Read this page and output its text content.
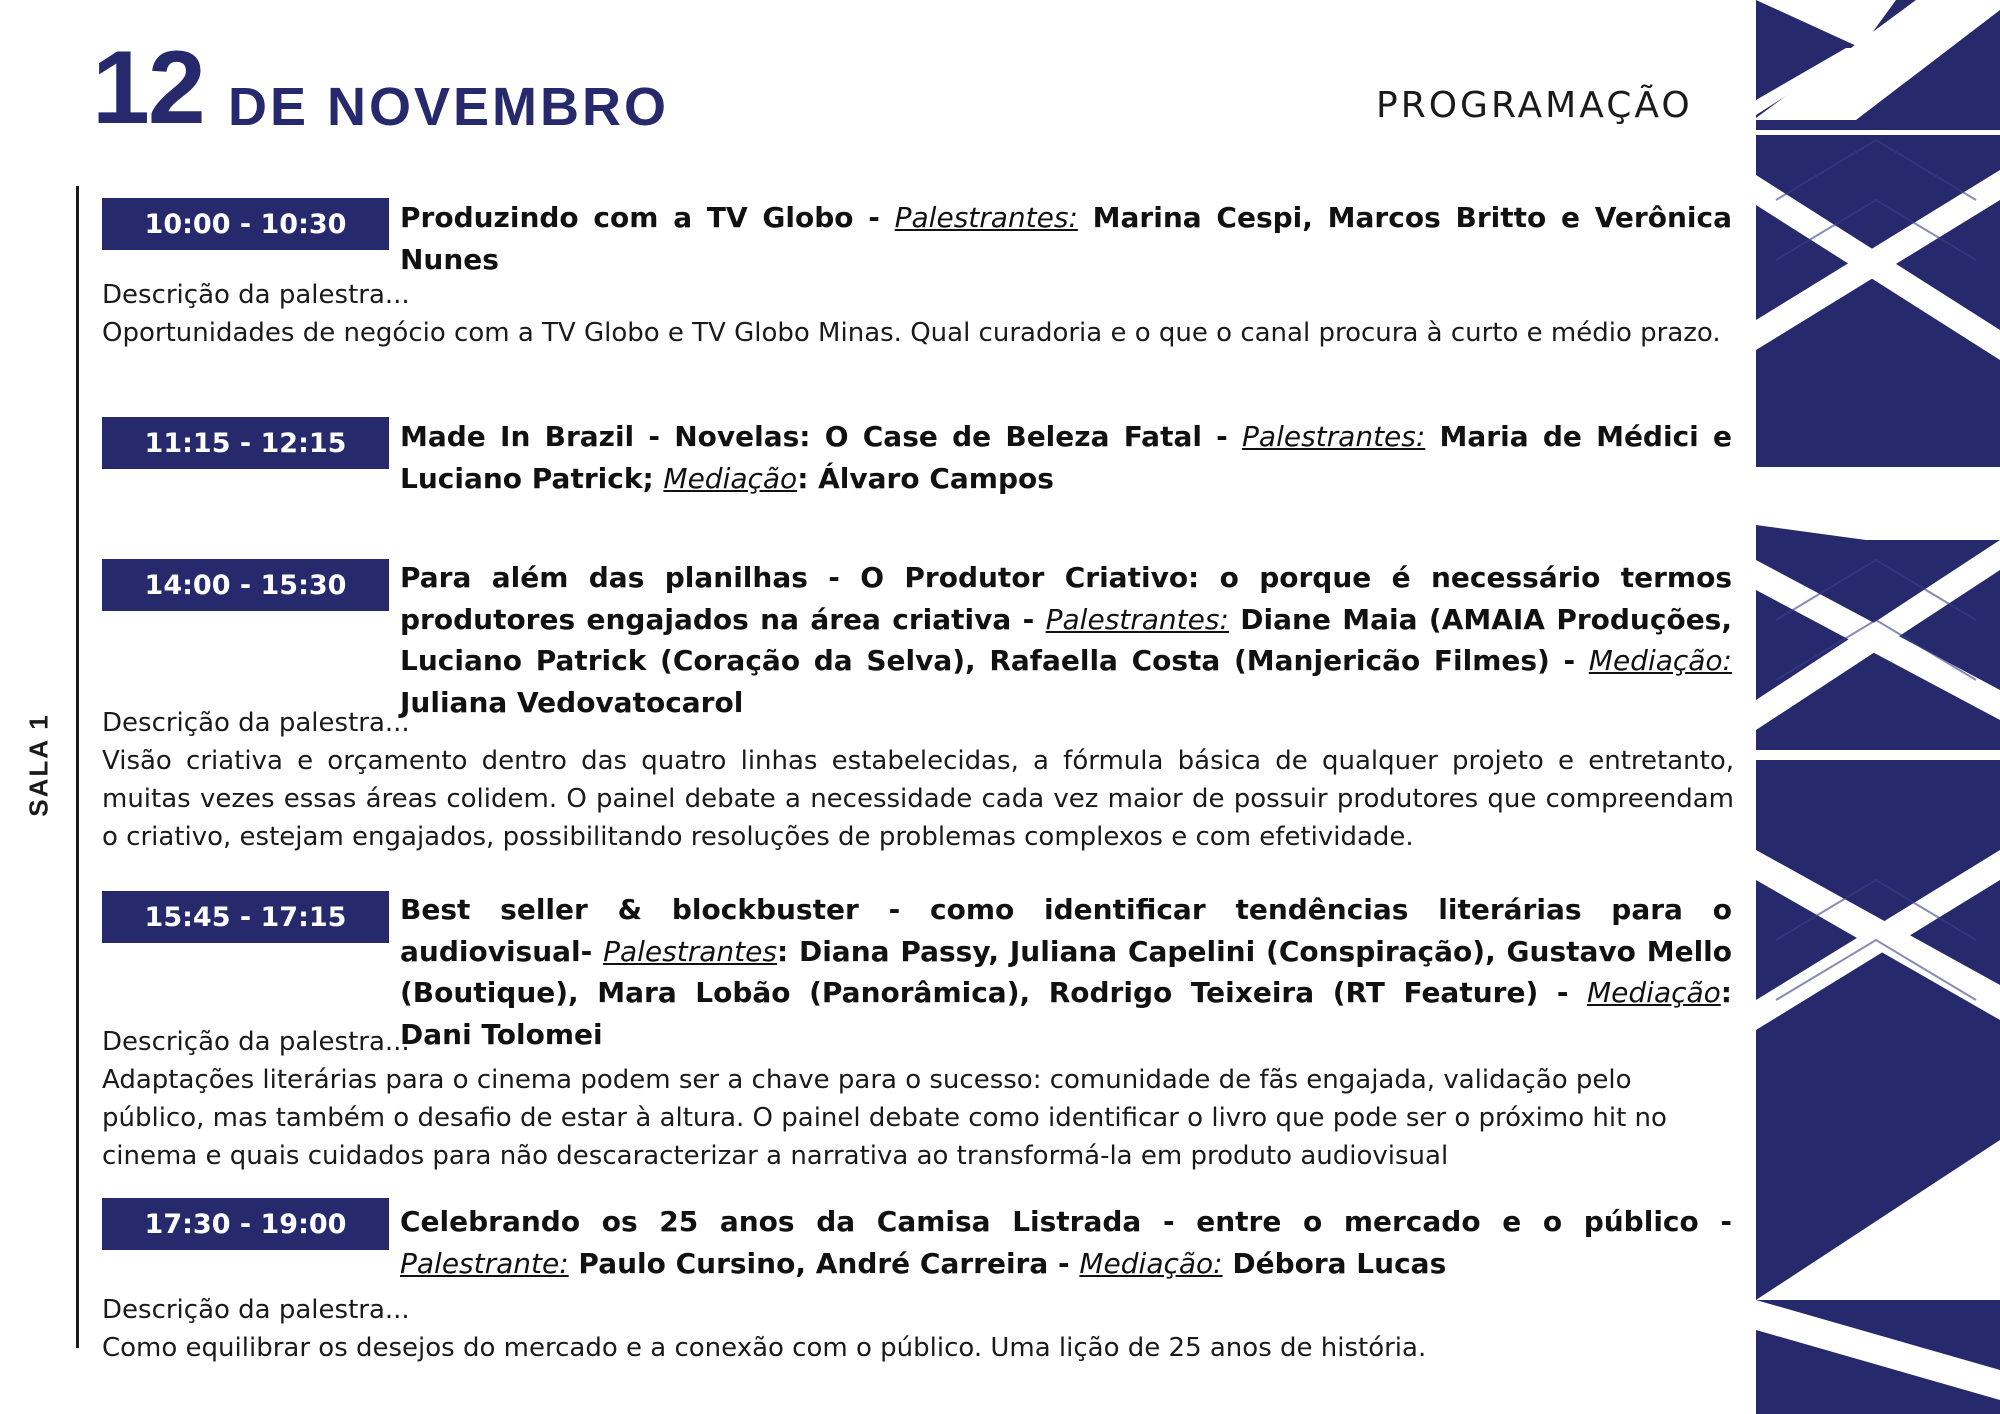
12 DE NOVEMBRO	PROGRAMAÇÃO
SALA 1
10:00 - 10:30	Produzindo com a TV Globo - Palestrantes: Marina Cespi, Marcos Britto e Verônica Nunes
Descrição da palestra...
Oportunidades de negócio com a TV Globo e TV Globo Minas. Qual curadoria e o que o canal procura à curto e médio prazo.
11:15 - 12:15	Made In Brazil - Novelas: O Case de Beleza Fatal - Palestrantes: Maria de Médici e Luciano Patrick; Mediação: Álvaro Campos
14:00 - 15:30	Para além das planilhas - O Produtor Criativo: o porque é necessário termos produtores engajados na área criativa - Palestrantes: Diane Maia (AMAIA Produções, Luciano Patrick (Coração da Selva), Rafaella Costa (Manjericão Filmes) - Mediação: Juliana Vedovatocarol
Descrição da palestra...
Visão criativa e orçamento dentro das quatro linhas estabelecidas, a fórmula básica de qualquer projeto e entretanto, muitas vezes essas áreas colidem. O painel debate a necessidade cada vez maior de possuir produtores que compreendam o criativo, estejam engajados, possibilitando resoluções de problemas complexos e com efetividade.
15:45 - 17:15	Best seller & blockbuster - como identificar tendências literárias para o audiovisual- Palestrantes: Diana Passy, Juliana Capelini (Conspiração), Gustavo Mello (Boutique), Mara Lobão (Panorâmica), Rodrigo Teixeira (RT Feature) - Mediação: Dani Tolomei
Descrição da palestra...
Adaptações literárias para o cinema podem ser a chave para o sucesso: comunidade de fãs engajada, validação pelo público, mas também o desafio de estar à altura. O painel debate como identificar o livro que pode ser o próximo hit no cinema e quais cuidados para não descaracterizar a narrativa ao transformá-la em produto audiovisual
17:30 - 19:00	Celebrando os 25 anos da Camisa Listrada - entre o mercado e o público - Palestrante: Paulo Cursino, André Carreira - Mediação: Débora Lucas
Descrição da palestra...
Como equilibrar os desejos do mercado e a conexão com o público. Uma lição de 25 anos de história.
